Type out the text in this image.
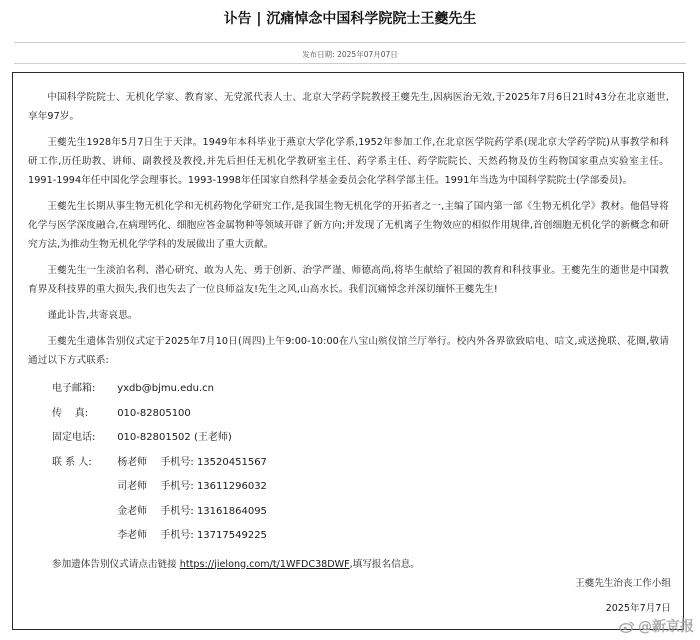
讣告 | 沉痛悼念中国科学院院士王夔先生
发布日期: 2025年07月07日

中国科学院院士、无机化学家、教育家、无党派代表人士、北京大学药学院教授王夔先生,因病医治无效,于2025年7月6日21时43分在北京逝世,享年97岁。

王夔先生1928年5月7日生于天津。1949年本科毕业于燕京大学化学系,1952年参加工作,在北京医学院药学系(现北京大学药学院)从事教学和科研工作,历任助教、讲师、副教授及教授,并先后担任无机化学教研室主任、药学系主任、药学院院长、天然药物及仿生药物国家重点实验室主任。1991-1994年任中国化学会理事长。1993-1998年任国家自然科学基金委员会化学科学部主任。1991年当选为中国科学院院士(学部委员)。

王夔先生长期从事生物无机化学和无机药物化学研究工作,是我国生物无机化学的开拓者之一,主编了国内第一部《生物无机化学》教材。他倡导将化学与医学深度融合,在病理钙化、细胞应答金属物种等领域开辟了新方向;并发现了无机离子生物效应的相似作用规律,首创细胞无机化学的新概念和研究方法,为推动生物无机化学学科的发展做出了重大贡献。

王夔先生一生淡泊名利、潜心研究、敢为人先、勇于创新、治学严谨、师德高尚,将毕生献给了祖国的教育和科技事业。王夔先生的逝世是中国教育界及科技界的重大损失,我们也失去了一位良师益友!先生之风,山高水长。我们沉痛悼念并深切缅怀王夔先生!

谨此讣告,共寄哀思。

王夔先生遗体告别仪式定于2025年7月10日(周四)上午9:00-10:00在八宝山殡仪馆兰厅举行。校内外各界欲致唁电、唁文,或送挽联、花圈,敬请通过以下方式联系:

电子邮箱: yxdb@bjmu.edu.cn
传    真:	010-82805100
固定电话: 010-82801502 (王老师)
联 系 人:	杨老师 手机号: 13520451567
司老师 手机号: 13611296032
金老师 手机号: 13161864095
李老师 手机号: 13717549225
参加遗体告别仪式请点击链接 https://jielong.com/t/1WFDC38DWF,填写报名信息。
王夔先生治丧工作小组
2025年7月7日
@新京报
